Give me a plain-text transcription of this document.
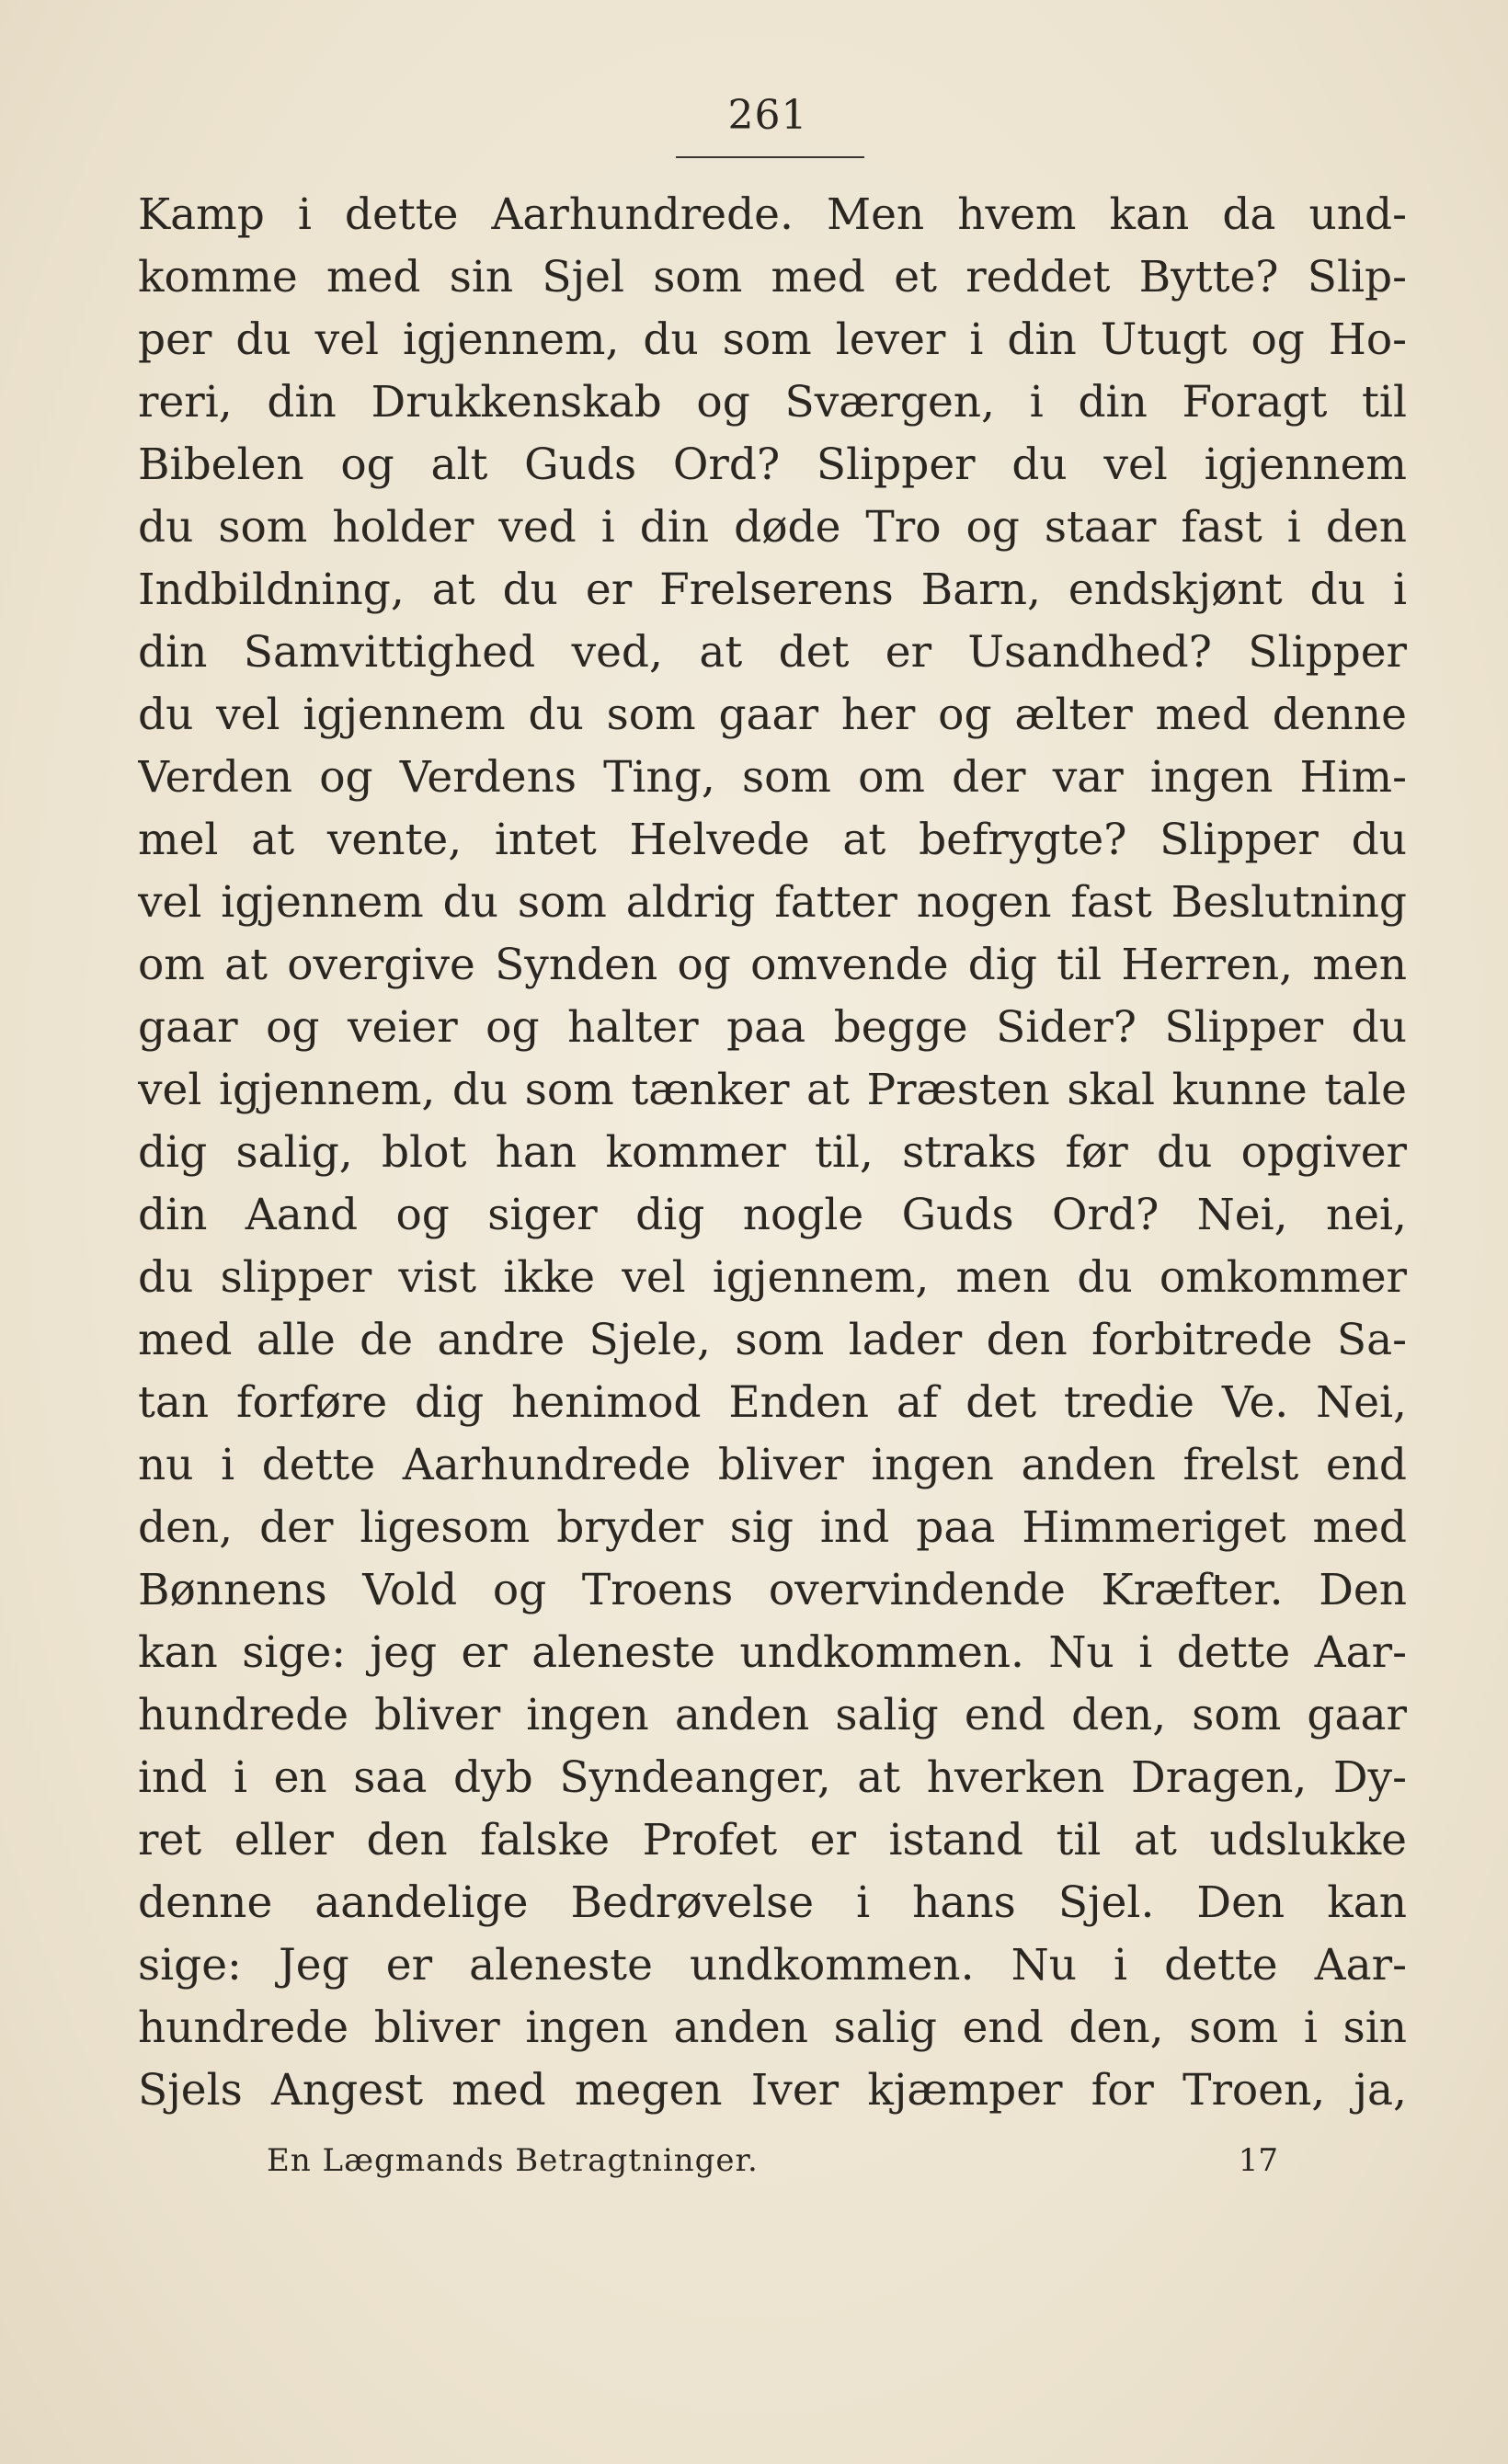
261
Kamp i dette Aarhundrede. Men hvem kan da und-
komme med sin Sjel som med et reddet Bytte? Slip-
per du vel igjennem, du som lever i din Utugt og Ho-
reri, din Drukkenskab og Sværgen, i din Foragt til
Bibelen og alt Guds Ord? Slipper du vel igjennem
du som holder ved i din døde Tro og staar fast i den
Indbildning, at du er Frelserens Barn, endskjønt du i
din Samvittighed ved, at det er Usandhed? Slipper
du vel igjennem du som gaar her og ælter med denne
Verden og Verdens Ting, som om der var ingen Him-
mel at vente, intet Helvede at befrygte? Slipper du
vel igjennem du som aldrig fatter nogen fast Beslutning
om at overgive Synden og omvende dig til Herren, men
gaar og veier og halter paa begge Sider? Slipper du
vel igjennem, du som tænker at Præsten skal kunne tale
dig salig, blot han kommer til, straks før du opgiver
din Aand og siger dig nogle Guds Ord? Nei, nei,
du slipper vist ikke vel igjennem, men du omkommer
med alle de andre Sjele, som lader den forbitrede Sa-
tan forføre dig henimod Enden af det tredie Ve. Nei,
nu i dette Aarhundrede bliver ingen anden frelst end
den, der ligesom bryder sig ind paa Himmeriget med
Bønnens Vold og Troens overvindende Kræfter. Den
kan sige: jeg er aleneste undkommen. Nu i dette Aar-
hundrede bliver ingen anden salig end den, som gaar
ind i en saa dyb Syndeanger, at hverken Dragen, Dy-
ret eller den falske Profet er istand til at udslukke
denne aandelige Bedrøvelse i hans Sjel. Den kan
sige: Jeg er aleneste undkommen. Nu i dette Aar-
hundrede bliver ingen anden salig end den, som i sin
Sjels Angest med megen Iver kjæmper for Troen, ja,
En Lægmands Betragtninger.	17
